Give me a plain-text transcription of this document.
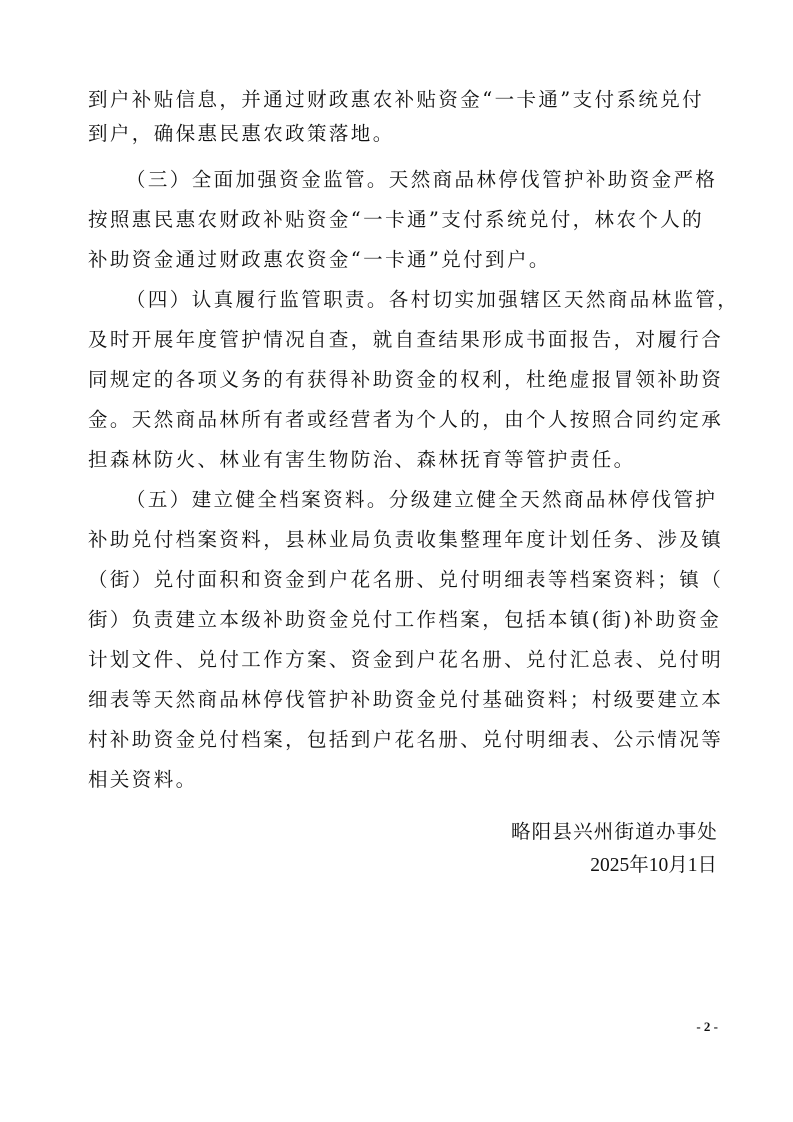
到户补贴信息，并通过财政惠农补贴资金“一卡通”支付系统兑付
到户，确保惠民惠农政策落地。
（三）全面加强资金监管。天然商品林停伐管护补助资金严格
按照惠民惠农财政补贴资金“一卡通”支付系统兑付，林农个人的
补助资金通过财政惠农资金“一卡通”兑付到户。
（四）认真履行监管职责。各村切实加强辖区天然商品林监管，
及时开展年度管护情况自查，就自查结果形成书面报告，对履行合
同规定的各项义务的有获得补助资金的权利，杜绝虚报冒领补助资
金。天然商品林所有者或经营者为个人的，由个人按照合同约定承
担森林防火、林业有害生物防治、森林抚育等管护责任。
（五）建立健全档案资料。分级建立健全天然商品林停伐管护
补助兑付档案资料，县林业局负责收集整理年度计划任务、涉及镇
（街）兑付面积和资金到户花名册、兑付明细表等档案资料；镇（
街）负责建立本级补助资金兑付工作档案，包括本镇(街)补助资金
计划文件、兑付工作方案、资金到户花名册、兑付汇总表、兑付明
细表等天然商品林停伐管护补助资金兑付基础资料；村级要建立本
村补助资金兑付档案，包括到户花名册、兑付明细表、公示情况等
相关资料。
略阳县兴州街道办事处
2025年10月1日
- 2 -
